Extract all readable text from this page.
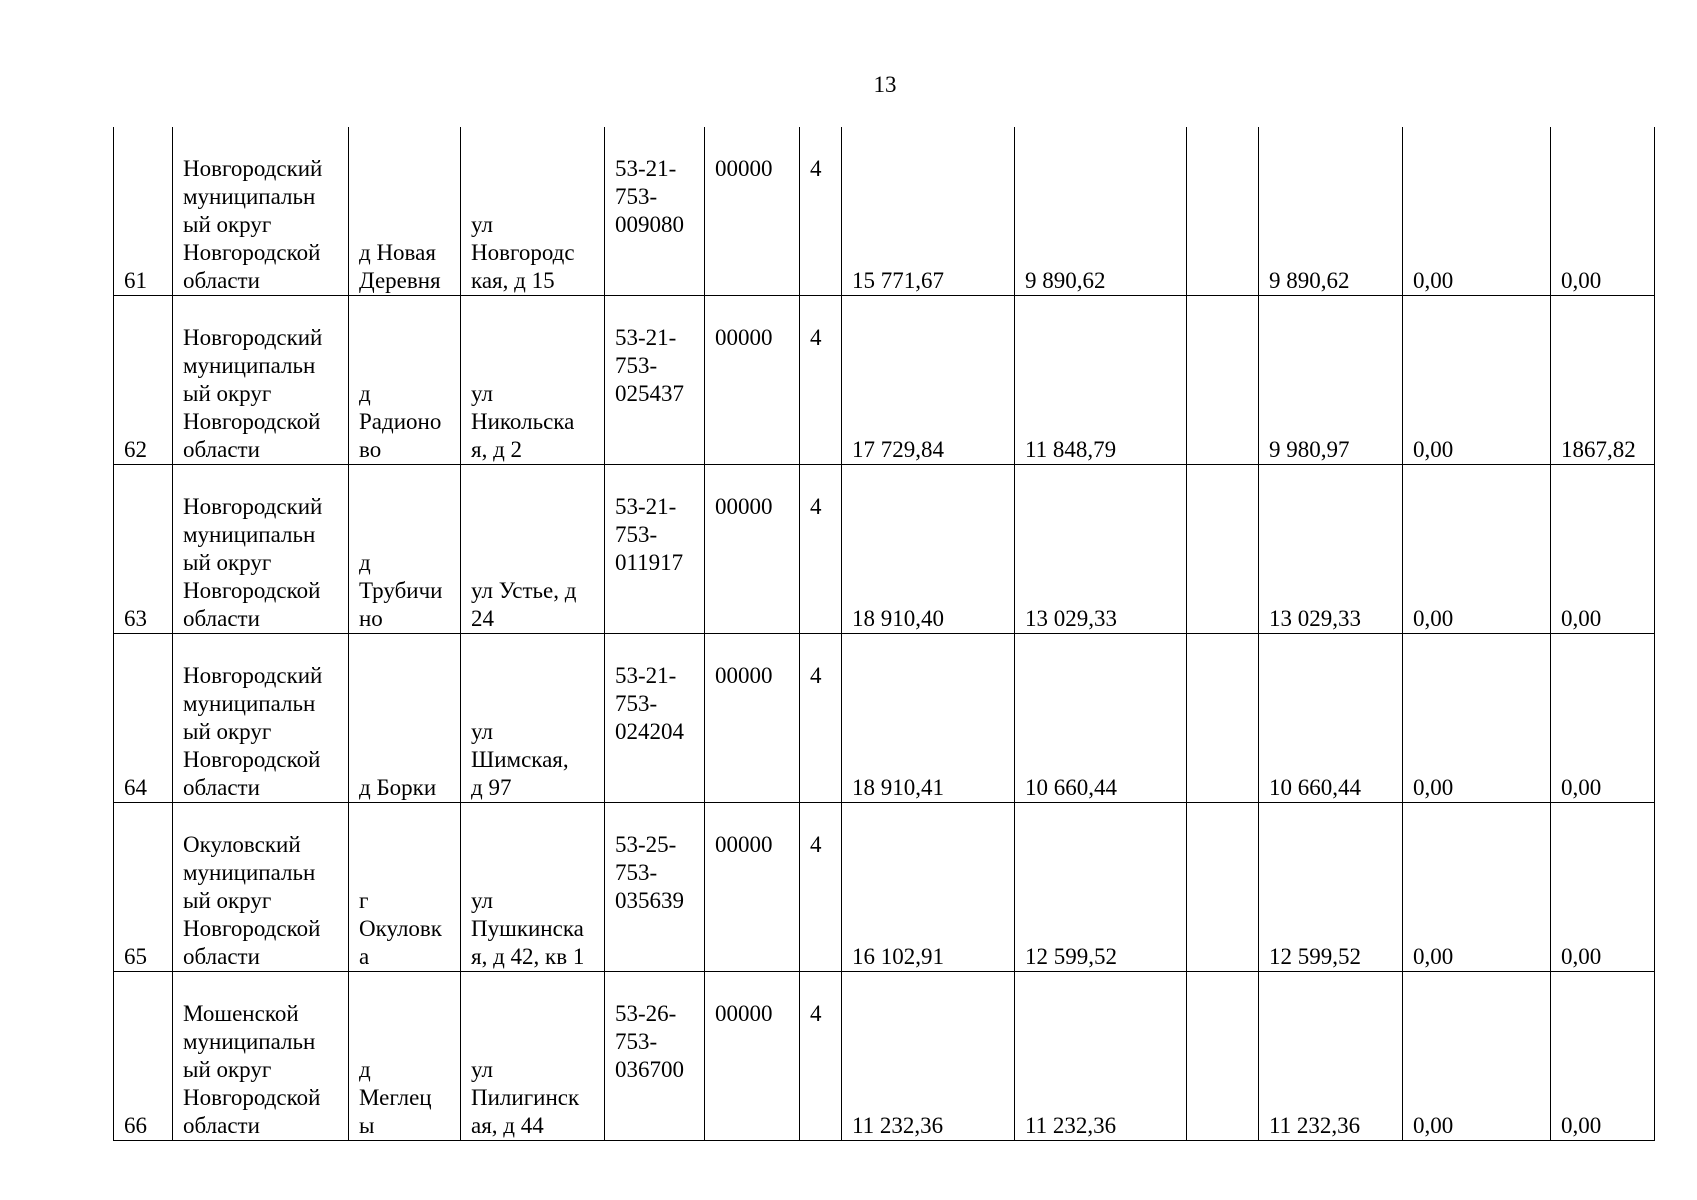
13
61	Новгородский
муниципальн
ый округ
Новгородской
области	д Новая
Деревня	ул
Новгородс
кая, д 15	53-21-
753-
009080	00000	4	15 771,67	9 890,62		9 890,62	0,00	0,00
62	Новгородский
муниципальн
ый округ
Новгородской
области	д
Радионо
во	ул
Никольска
я, д 2	53-21-
753-
025437	00000	4	17 729,84	11 848,79		9 980,97	0,00	1867,82
63	Новгородский
муниципальн
ый округ
Новгородской
области	д
Трубичи
но	ул Устье, д
24	53-21-
753-
011917	00000	4	18 910,40	13 029,33		13 029,33	0,00	0,00
64	Новгородский
муниципальн
ый округ
Новгородской
области	д Борки	ул
Шимская,
д 97	53-21-
753-
024204	00000	4	18 910,41	10 660,44		10 660,44	0,00	0,00
65	Окуловский
муниципальн
ый округ
Новгородской
области	г
Окуловк
а	ул
Пушкинска
я, д 42, кв 1	53-25-
753-
035639	00000	4	16 102,91	12 599,52		12 599,52	0,00	0,00
66	Мошенской
муниципальн
ый округ
Новгородской
области	д
Меглец
ы	ул
Пилигинск
ая, д 44	53-26-
753-
036700	00000	4	11 232,36	11 232,36		11 232,36	0,00	0,00
